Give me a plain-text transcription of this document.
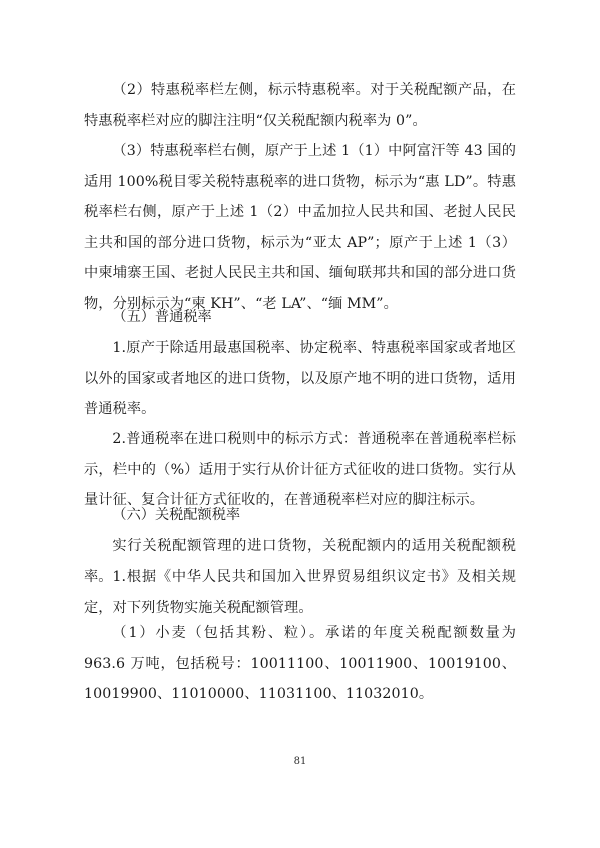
（2）特惠税率栏左侧，标示特惠税率。对于关税配额产品，在特惠税率栏对应的脚注注明“仅关税配额内税率为 0”。

（3）特惠税率栏右侧，原产于上述 1（1）中阿富汗等 43 国的适用 100%税目零关税特惠税率的进口货物，标示为“惠 LD”。特惠税率栏右侧，原产于上述 1（2）中孟加拉人民共和国、老挝人民民主共和国的部分进口货物，标示为“亚太 AP”；原产于上述 1（3）中柬埔寨王国、老挝人民民主共和国、缅甸联邦共和国的部分进口货物，分别标示为“柬 KH”、“老 LA”、“缅 MM”。

（五）普通税率

1.原产于除适用最惠国税率、协定税率、特惠税率国家或者地区以外的国家或者地区的进口货物，以及原产地不明的进口货物，适用普通税率。

2.普通税率在进口税则中的标示方式：普通税率在普通税率栏标示，栏中的（%）适用于实行从价计征方式征收的进口货物。实行从量计征、复合计征方式征收的，在普通税率栏对应的脚注标示。

（六）关税配额税率

实行关税配额管理的进口货物，关税配额内的适用关税配额税率。 1.根据《中华人民共和国加入世界贸易组织议定书》及相关规定，对下列货物实施关税配额管理。

（1）小麦（包括其粉、粒）。承诺的年度关税配额数量为 963.6 万吨，包括税号：10011100、10011900、10019100、10019900、11010000、11031100、11032010。

81
